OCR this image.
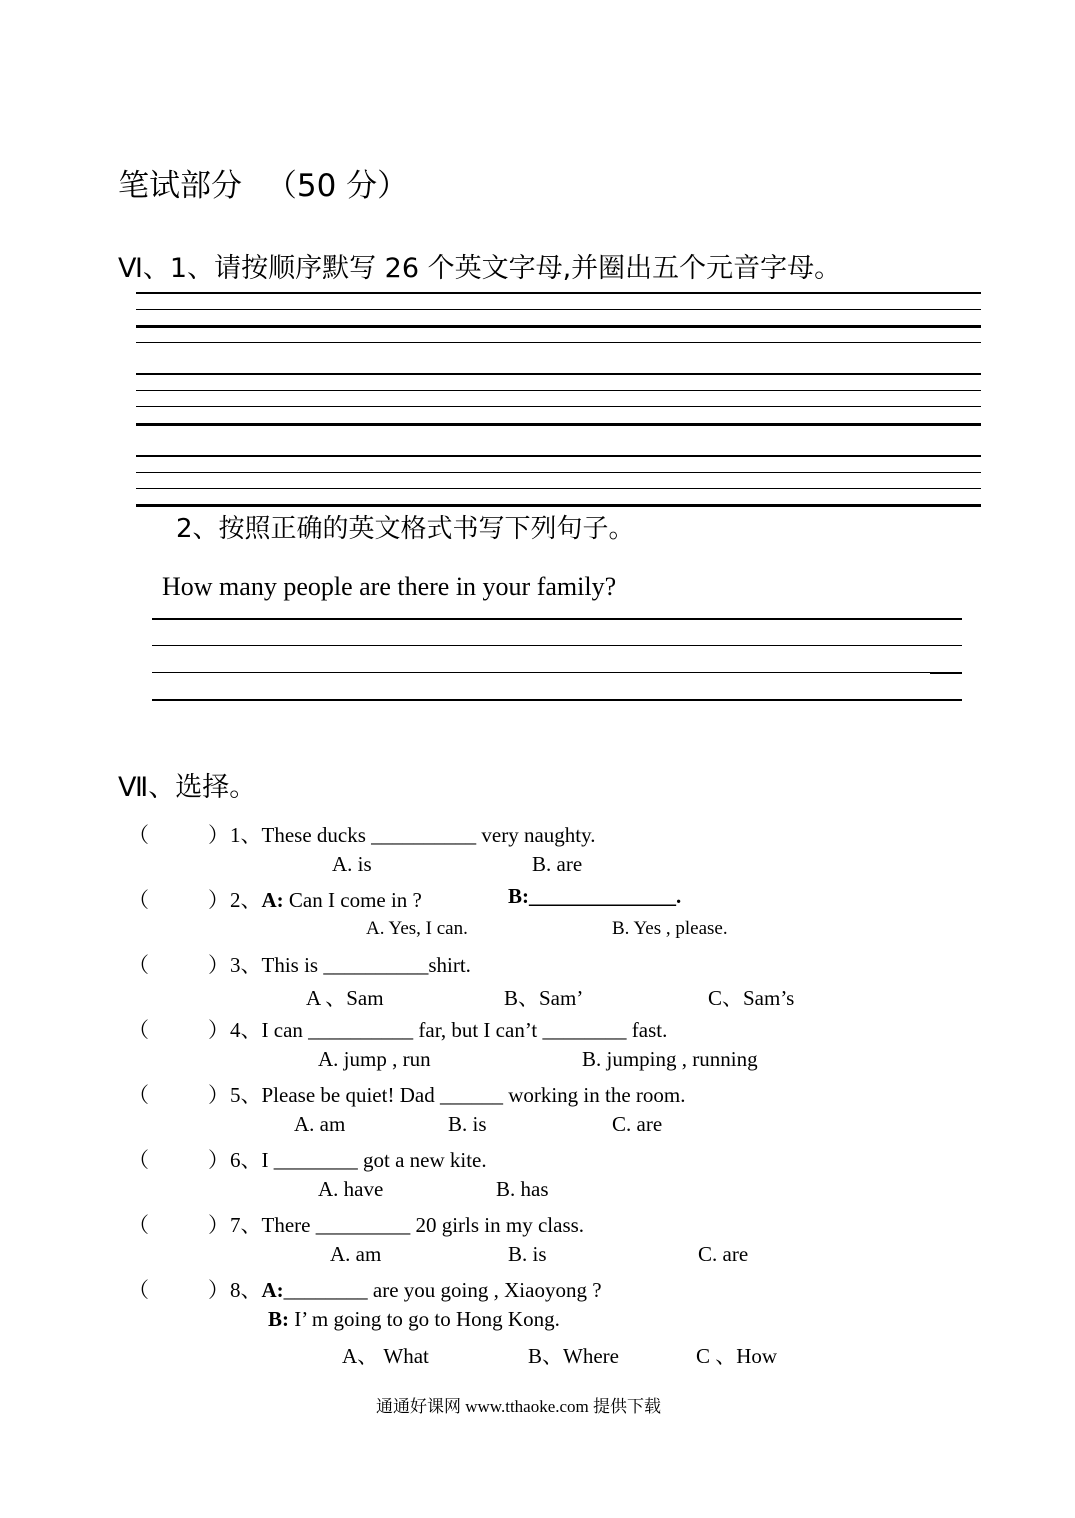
笔试部分 （50 分）
Ⅵ、1、请按顺序默写 26 个英文字母,并圈出五个元音字母。
2、按照正确的英文格式书写下列句子。
How many people are there in your family?
Ⅶ、选择。
（	） 1、These ducks __________ very naughty.
A. is	B. are
（	） 2、A: Can I come in ?	B:______________.
A. Yes, I can.	B. Yes , please.
（	） 3、This is __________shirt.
A 、Sam	B、Sam’	C、Sam’s
（	） 4、I can __________ far, but I can’t ________ fast.
A. jump , run	B. jumping , running
（	） 5、Please be quiet! Dad ______ working in the room.
A. am	B. is	C. are
（	） 6、I ________ got a new kite.
A. have	B. has
（	） 7、There _________ 20 girls in my class.
A. am	B. is	C. are
（	） 8、A:________ are you going , Xiaoyong ?
B: I’ m going to go to Hong Kong.
A、 What	B、Where	C 、How
通通好课网 www.tthaoke.com 提供下载
